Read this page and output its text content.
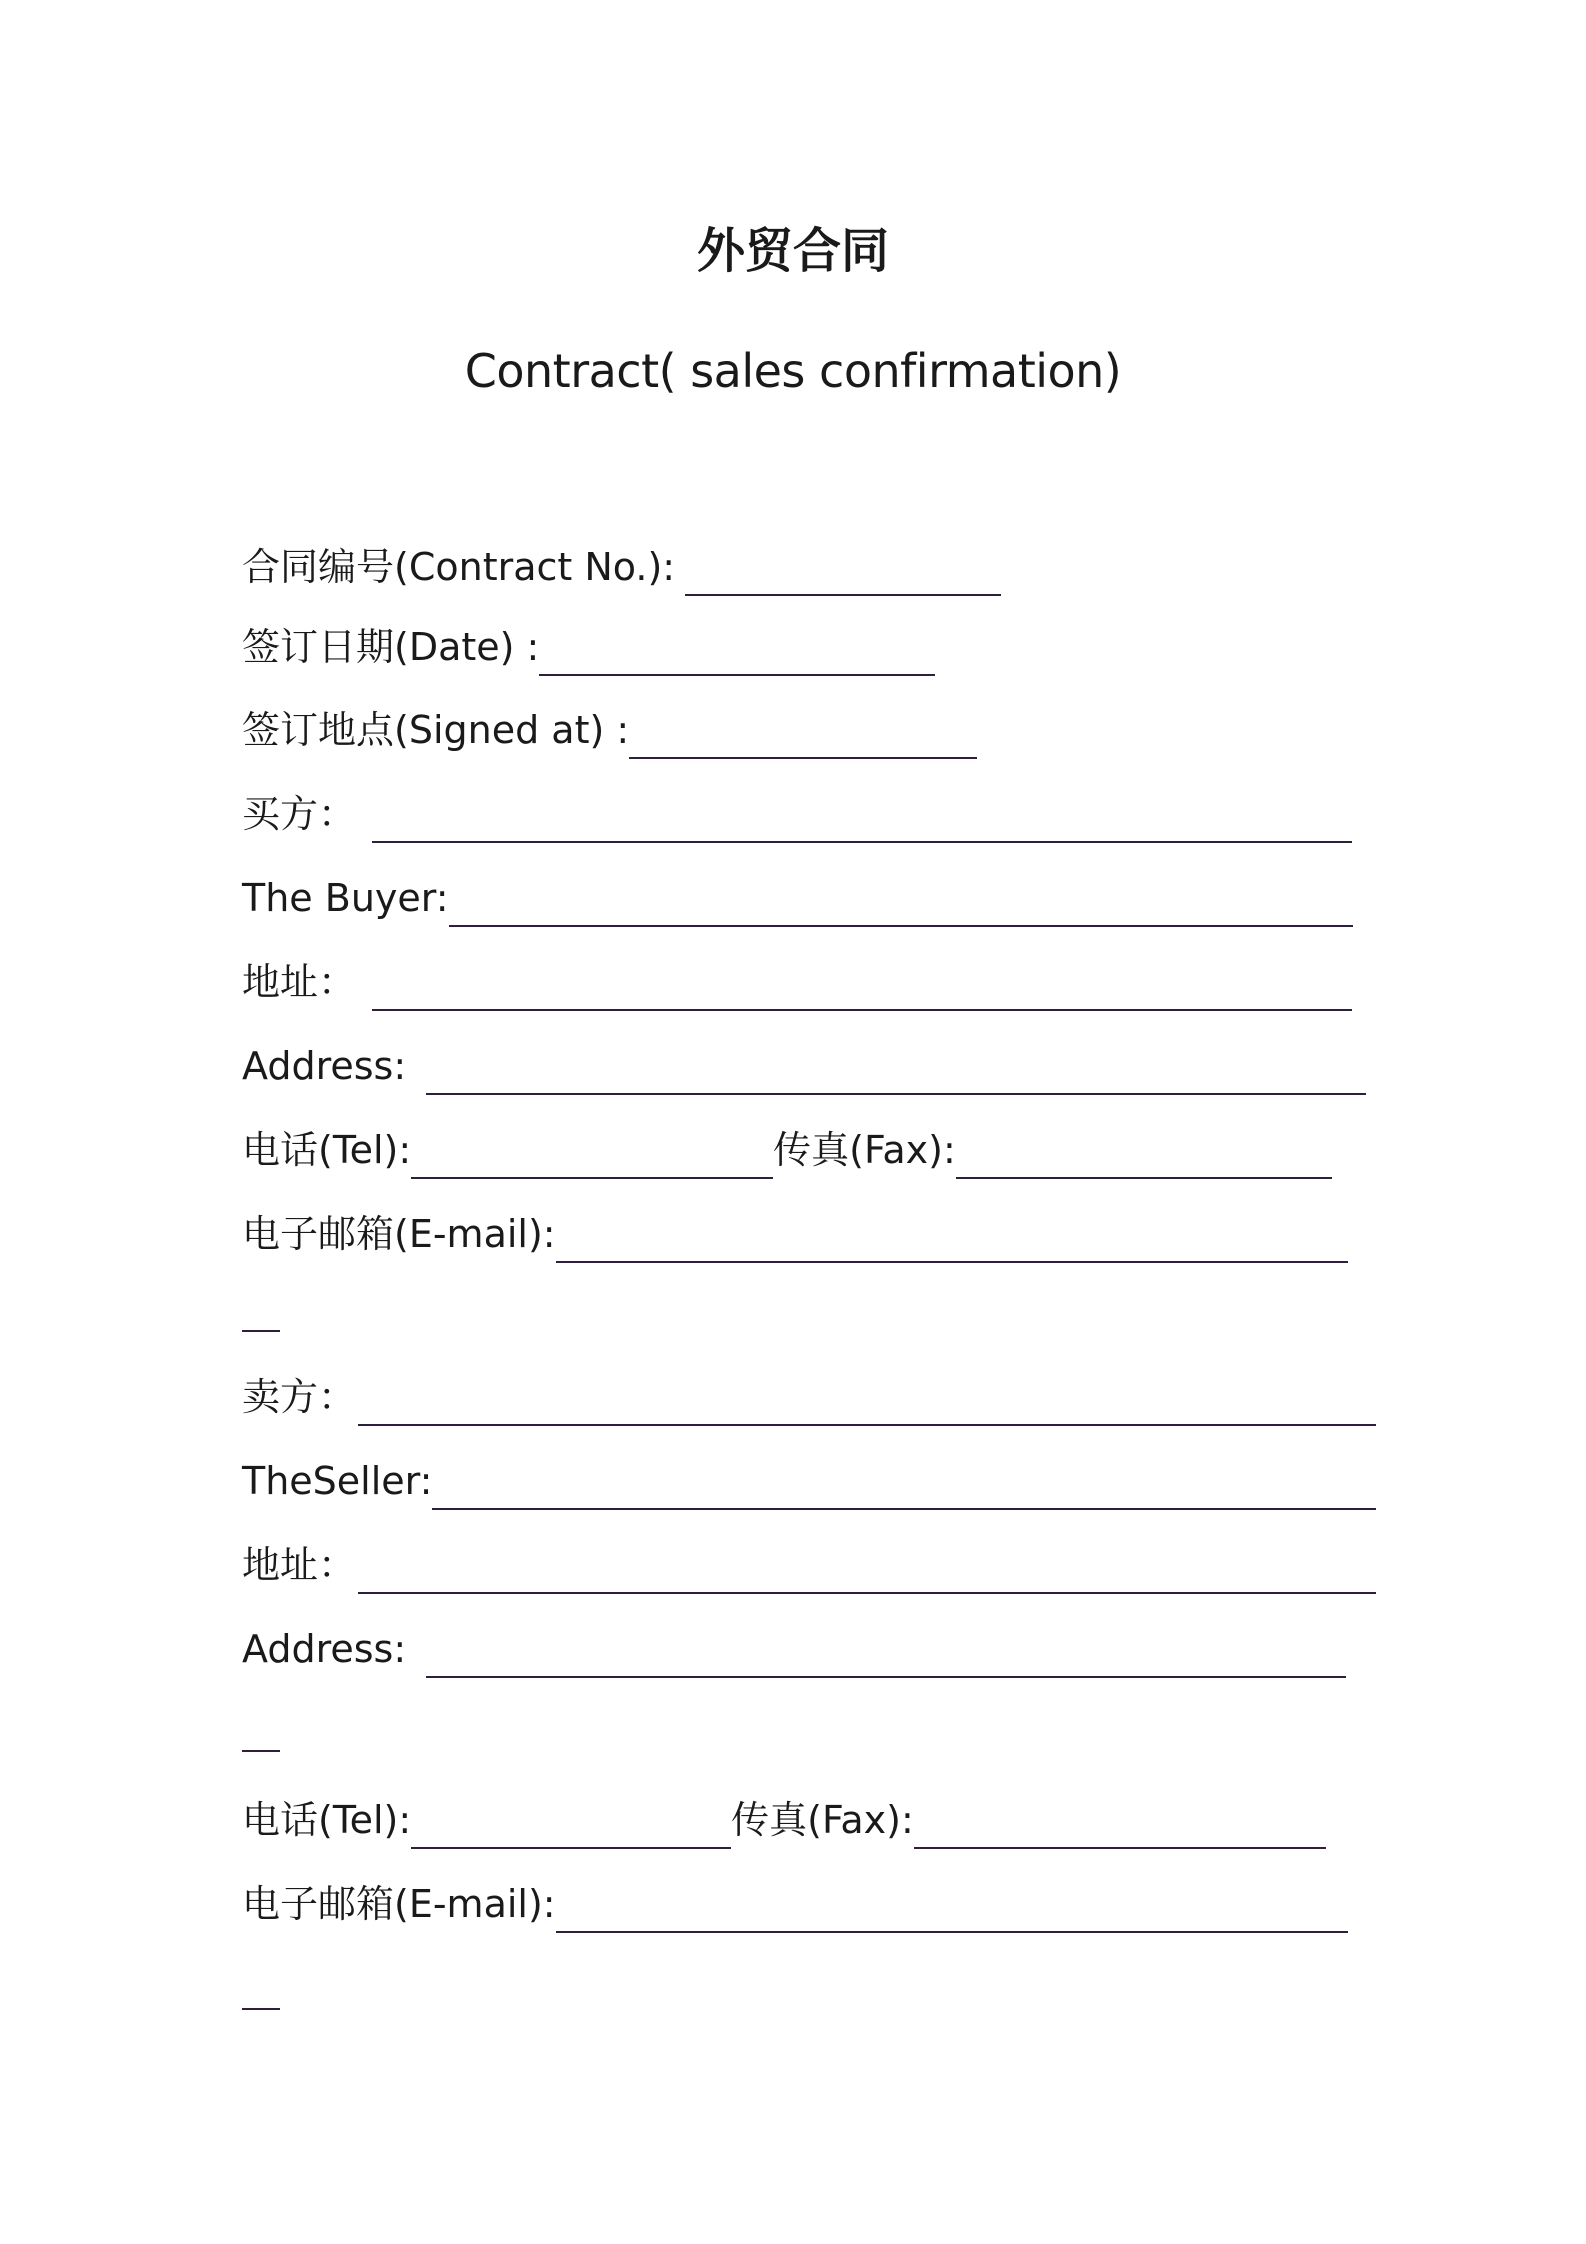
外贸合同
Contract( sales confirmation)
合同编号(Contract No.):
签订日期(Date) :
签订地点(Signed at) :
买方：
The Buyer:
地址：
Address:
电话(Tel):	传真(Fax):
电子邮箱(E-mail):
卖方：
TheSeller:
地址：
Address:
电话(Tel):	传真(Fax):
电子邮箱(E-mail):
